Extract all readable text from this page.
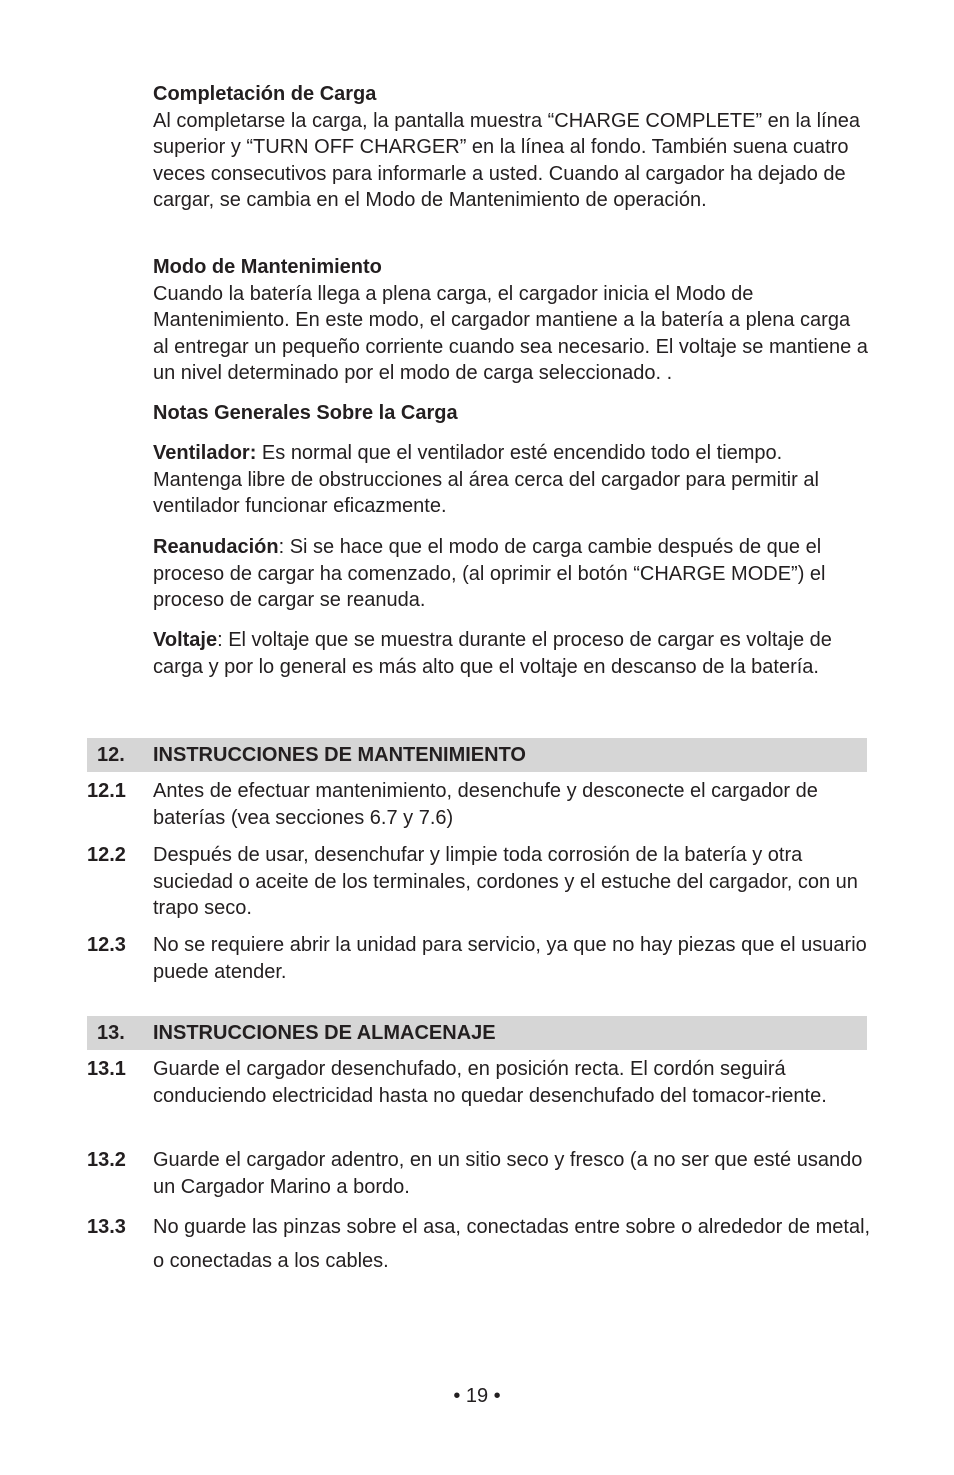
Completación de Carga
Al completarse la carga, la pantalla muestra “CHARGE COMPLETE” en la línea superior y “TURN OFF CHARGER” en la línea al fondo. También suena cuatro veces consecutivos para informarle a usted. Cuando al cargador ha dejado de cargar, se cambia en el Modo de Mantenimiento de operación.
Modo de Mantenimiento
Cuando la batería llega a plena carga, el cargador inicia el Modo de Mantenimiento. En este modo, el cargador mantiene a la batería a plena carga al entregar un pequeño corriente cuando sea necesario. El voltaje se mantiene a un nivel determinado por el modo de carga seleccionado. .
Notas Generales Sobre la Carga

Ventilador: Es normal que el ventilador esté encendido todo el tiempo. Mantenga libre de obstrucciones al área cerca del cargador para permitir al ventilador funcionar eficazmente.

Reanudación: Si se hace que el modo de carga cambie después de que el proceso de cargar ha comenzado, (al oprimir el botón “CHARGE MODE”) el proceso de cargar se reanuda.

Voltaje: El voltaje que se muestra durante el proceso de cargar es voltaje de carga y por lo general es más alto que el voltaje en descanso de la batería.

12. INSTRUCCIONES DE MANTENIMIENTO
12.1 Antes de efectuar mantenimiento, desenchufe y desconecte el cargador de baterías (vea secciones 6.7 y 7.6)
12.2 Después de usar, desenchufar y limpie toda corrosión de la batería y otra suciedad o aceite de los terminales, cordones y el estuche del cargador, con un trapo seco.
12.3 No se requiere abrir la unidad para servicio, ya que no hay piezas que el usuario puede atender.
13. INSTRUCCIONES DE ALMACENAJE
13.1 Guarde el cargador desenchufado, en posición recta. El cordón seguirá conduciendo electricidad hasta no quedar desenchufado del tomacor-riente.
13.2 Guarde el cargador adentro, en un sitio seco y fresco (a no ser que esté usando un Cargador Marino a bordo.
13.3 No guarde las pinzas sobre el asa, conectadas entre sobre o alrededor de metal, o conectadas a los cables.
• 19 •
